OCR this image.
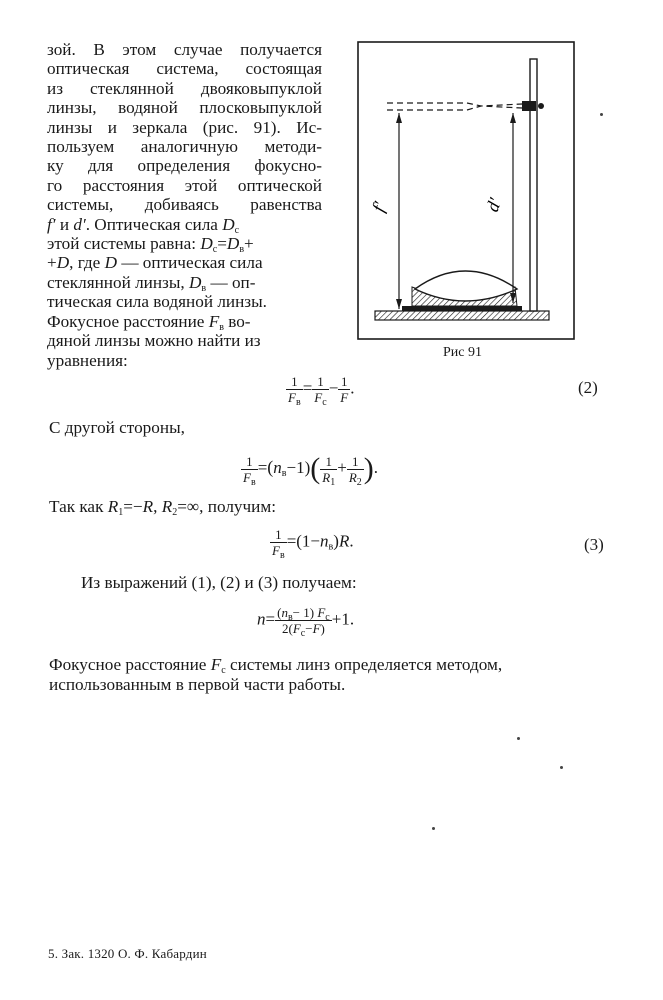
зой. В этом случае получается
оптическая система, состоящая
из стеклянной двояковыпуклой
линзы, водяной плосковыпуклой
линзы и зеркала (рис. 91). Ис-
пользуем аналогичную методи-
ку для определения фокусно-
го расстояния этой оптической
системы, добиваясь равенства
f′ и d′. Оптическая сила $D_с$
этой системы равна: $D_с=D_в+$
+D, где D — оптическая сила
стеклянной линзы, $D_в$ — оп-
тическая сила водяной линзы.
Фокусное расстояние $F_в$ во-
дяной линзы можно найти из
уравнения:
f′	d′
Рис 91
$\frac{1}{F_в} = \frac{1}{F_с} - \frac{1}{F}$ .	(2)
С другой стороны,
$\frac{1}{F_в} =(n_в-1)( \frac{1}{R_1} + \frac{1}{R_2}$ ).
Так как $R_1=-R$, $R_2=\infty$, получим:
$\frac{1}{F_в} =(1-n_в)R$.	(3)
Из выражений (1), (2) и (3) получаем:
$n= \frac{(n_в- 1) F_с}{2(F_с-F)} +1$.
Фокусное расстояние $F_с$ системы линз определяется методом,
использованным в первой части работы.
5. Зак. 1320 О. Ф. Кабардин
